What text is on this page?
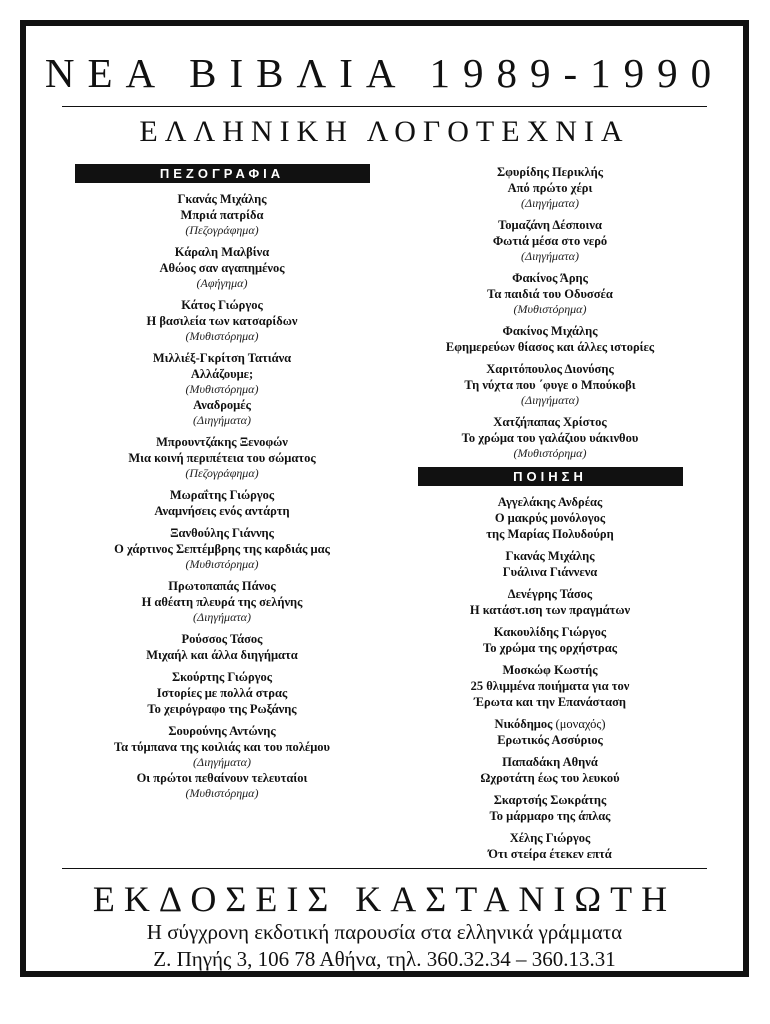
ΝΕΑ ΒΙΒΛΙΑ 1989-1990
ΕΛΛΗΝΙΚΗ ΛΟΓΟΤΕΧΝΙΑ
ΠΕΖΟΓΡΑΦΙΑ
Γκανάς Μιχάλης
Μπριά πατρίδα
(Πεζογράφημα)
Κάραλη Μαλβίνα
Αθώος σαν αγαπημένος
(Αφήγημα)
Κάτος Γιώργος
Η βασιλεία των κατσαρίδων
(Μυθιστόρημα)
Μιλλιέξ-Γκρίτση Τατιάνα
Αλλάζουμε;
(Μυθιστόρημα)
Αναδρομές
(Διηγήματα)
Μπρουντζάκης Ξενοφών
Μια κοινή περιπέτεια του σώματος
(Πεζογράφημα)
Μωραΐτης Γιώργος
Αναμνήσεις ενός αντάρτη
Ξανθούλης Γιάννης
Ο χάρτινος Σεπτέμβρης της καρδιάς μας
(Μυθιστόρημα)
Πρωτοπαπάς Πάνος
Η αθέατη πλευρά της σελήνης
(Διηγήματα)
Ρούσσος Τάσος
Μιχαήλ και άλλα διηγήματα
Σκούρτης Γιώργος
Ιστορίες με πολλά στρας
Το χειρόγραφο της Ρωξάνης
Σουρούνης Αντώνης
Τα τύμπανα της κοιλιάς και του πολέμου
(Διηγήματα)
Οι πρώτοι πεθαίνουν τελευταίοι
(Μυθιστόρημα)
Σφυρίδης Περικλής
Από πρώτο χέρι
(Διηγήματα)
Τομαζάνη Δέσποινα
Φωτιά μέσα στο νερό
(Διηγήματα)
Φακίνος Άρης
Τα παιδιά του Οδυσσέα
(Μυθιστόρημα)
Φακίνος Μιχάλης
Εφημερεύων θίασος και άλλες ιστορίες
Χαριτόπουλος Διονύσης
Τη νύχτα που ΄φυγε ο Μπούκοβι
(Διηγήματα)
Χατζήπαπας Χρίστος
Το χρώμα του γαλάζιου υάκινθου
(Μυθιστόρημα)
ΠΟΙΗΣΗ
Αγγελάκης Ανδρέας
Ο μακρύς μονόλογος
της Μαρίας Πολυδούρη
Γκανάς Μιχάλης
Γυάλινα Γιάννενα
Δενέγρης Τάσος
Η κατάστ.ιση των πραγμάτων
Κακουλίδης Γιώργος
Το χρώμα της ορχήστρας
Μοσκώφ Κωστής
25 θλιμμένα ποιήματα για τον
Έρωτα και την Επανάσταση
Νικόδημος (μοναχός)
Ερωτικός Ασσύριος
Παπαδάκη Αθηνά
Ωχροτάτη έως του λευκού
Σκαρτσής Σωκράτης
Το μάρμαρο της άπλας
Χέλης Γιώργος
Ότι στείρα έτεκεν επτά
ΕΚΔΟΣΕΙΣ ΚΑΣΤΑΝΙΩΤΗ
Η σύγχρονη εκδοτική παρουσία στα ελληνικά γράμματα
Ζ. Πηγής 3, 106 78 Αθήνα, τηλ. 360.32.34 – 360.13.31
